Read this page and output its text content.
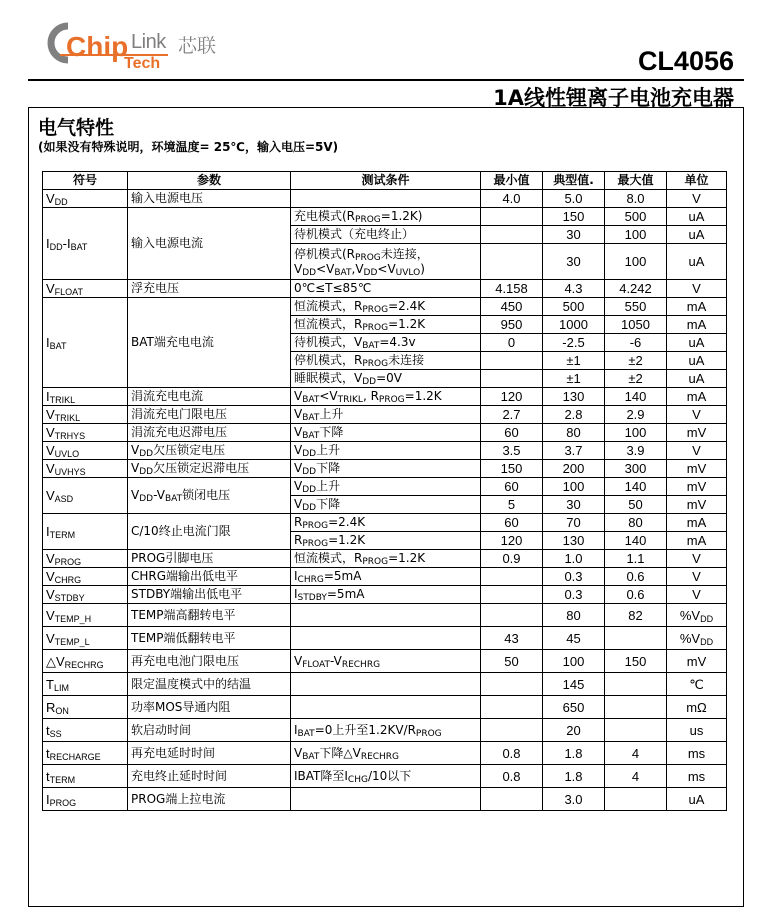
Chip Link 芯联
Tech	CL4056
1A线性锂离子电池充电器
电气特性
(如果没有特殊说明，环境温度= 25℃，输入电压=5V)
符号	参数	测试条件	最小值	典型值.	最大值	单位
$V_{DD}$	输入电源电压		4.0	5.0	8.0	V
$I_{DD}-I_{BAT}$	输入电源电流	充电模式$(R_{PROG}=1.2K)$		150	500	uA
		待机模式（充电终止）		30	100	uA
		停机模式($R_{PROG}$未连接，$V_{DD}<V_{BAT},V_{DD}<V_{UVLO}$)		30	100	uA
$V_{FLOAT}$	浮充电压	0℃≤T≤85℃	4.158	4.3	4.242	V
$I_{BAT}$	BAT端充电电流	恒流模式，$R_{PROG}=2.4K$	450	500	550	mA
		恒流模式，$R_{PROG}=1.2K$	950	1000	1050	mA
		待机模式，$V_{BAT}=4.3v$	0	-2.5	-6	uA
		停机模式，$R_{PROG}$未连接		±1	±2	uA
		睡眠模式，$V_{DD}=0V$		±1	±2	uA
$I_{TRIKL}$	涓流充电电流	$V_{BAT}<V_{TRIKL}$, $R_{PROG}=1.2K$	120	130	140	mA
$V_{TRIKL}$	涓流充电门限电压	$V_{BAT}$上升	2.7	2.8	2.9	V
$V_{TRHYS}$	涓流充电迟滞电压	$V_{BAT}$下降	60	80	100	mV
$V_{UVLO}$	$V_{DD}$欠压锁定电压	$V_{DD}$上升	3.5	3.7	3.9	V
$V_{UVHYS}$	$V_{DD}$欠压锁定迟滞电压	$V_{DD}$下降	150	200	300	mV
$V_{ASD}$	$V_{DD}-V_{BAT}$锁闭电压	$V_{DD}$上升	60	100	140	mV
		$V_{DD}$下降	5	30	50	mV
$I_{TERM}$	C/10终止电流门限	$R_{PROG}=2.4K$	60	70	80	mA
		$R_{PROG}=1.2K$	120	130	140	mA
$V_{PROG}$	PROG引脚电压	恒流模式，$R_{PROG}=1.2K$	0.9	1.0	1.1	V
$V_{CHRG}$	CHRG端输出低电平	$I_{CHRG}=5mA$		0.3	0.6	V
$V_{STDBY}$	STDBY端输出低电平	$I_{STDBY}=5mA$		0.3	0.6	V
$V_{TEMP\_H}$	TEMP端高翻转电平			80	82	$\%V_{DD}$
$V_{TEMP\_L}$	TEMP端低翻转电平		43	45		$\%V_{DD}$
$\triangle V_{RECHRG}$	再充电电池门限电压	$V_{FLOAT}-V_{RECHRG}$	50	100	150	mV
$T_{LIM}$	限定温度模式中的结温			145		℃
$R_{ON}$	功率MOS导通内阻			650		mΩ
$t_{SS}$	软启动时间	$I_{BAT}=0$上升至$1.2KV/R_{PROG}$		20		us
$t_{RECHARGE}$	再充电延时时间	$V_{BAT}$下降$\triangle V_{RECHRG}$	0.8	1.8	4	ms
$t_{TERM}$	充电终止延时时间	IBAT降至$I_{CHG}/10$以下	0.8	1.8	4	ms
$I_{PROG}$	PROG端上拉电流			3.0		uA
